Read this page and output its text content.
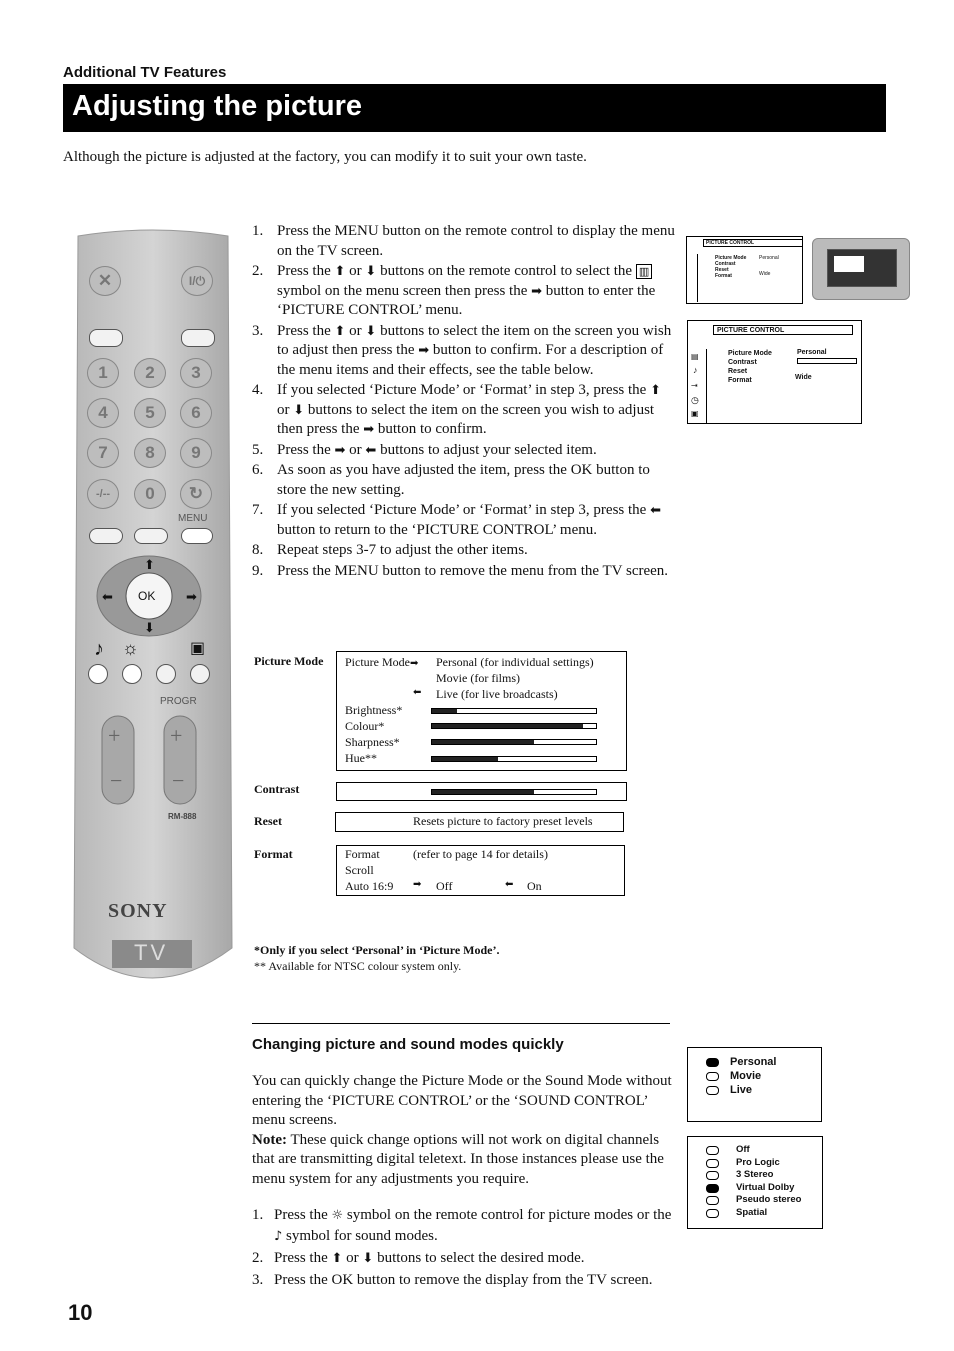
Additional TV Features
Adjusting the picture
Although the picture is adjusted at the factory, you can modify it to suit your own taste.
✕	I/⏻
1	2	3
4	5	6
7	8	9
-/--	0	↻
MENU
OK
⬆
⬇
⬅	➡
♪ ☼	▣
PROGR
+ +
− −
RM-888
SONY
TV
1. Press the MENU button on the remote control to display the menu on the TV screen.
2. Press the ⬆ or ⬇ buttons on the remote control to select the ▥ symbol on the menu screen then press the ➡ button to enter the ‘PICTURE CONTROL’ menu.
3. Press the ⬆ or ⬇ buttons to select the item on the screen you wish to adjust then press the ➡ button to confirm. For a description of the menu items and their effects, see the table below.
4. If you selected ‘Picture Mode’ or ‘Format’ in step 3, press the ⬆ or ⬇ buttons to select the item on the screen you wish to adjust then press the ➡ button to confirm.
5. Press the ➡ or ⬅ buttons to adjust your selected item.
6. As soon as you have adjusted the item, press the OK button to store the new setting.
7. If you selected ‘Picture Mode’ or ‘Format’ in step 3, press the ⬅ button to return to the ‘PICTURE CONTROL’ menu.
8. Repeat steps 3-7 to adjust the other items.
9. Press the MENU button to remove the menu from the TV screen.
PICTURE CONTROL
Picture Mode
Contrast
Reset
Format
Personal
Wide
PICTURE CONTROL
▤
♪
⇥
◷
▣
Picture Mode
Contrast
Reset
Format
Personal
Wide
Picture Mode Picture Mode➡ Personal (for individual settings)
Movie (for films)
⬅ Live (for live broadcasts)
Brightness*
Colour*
Sharpness*
Hue**
Contrast
Reset	Resets picture to factory preset levels
Format	Format	(refer to page 14 for details)
Scroll
Auto 16:9 ➡ Off	⬅ On
*Only if you select ‘Personal’ in ‘Picture Mode’.
** Available for NTSC colour system only.
Changing picture and sound modes quickly
You can quickly change the Picture Mode or the Sound Mode without entering the ‘PICTURE CONTROL’ or the ‘SOUND CONTROL’ menu screens.
Note: These quick change options will not work on digital channels that are transmitting digital teletext. In those instances please use the menu system for any adjustments you require.
1. Press the ☼ symbol on the remote control for picture modes or the ♪ symbol for sound modes.
2. Press the ⬆ or ⬇ buttons to select the desired mode.
3. Press the OK button to remove the display from the TV screen.
Personal
Movie
Live
Off
Pro Logic
3 Stereo
Virtual Dolby
Pseudo stereo
Spatial
10
